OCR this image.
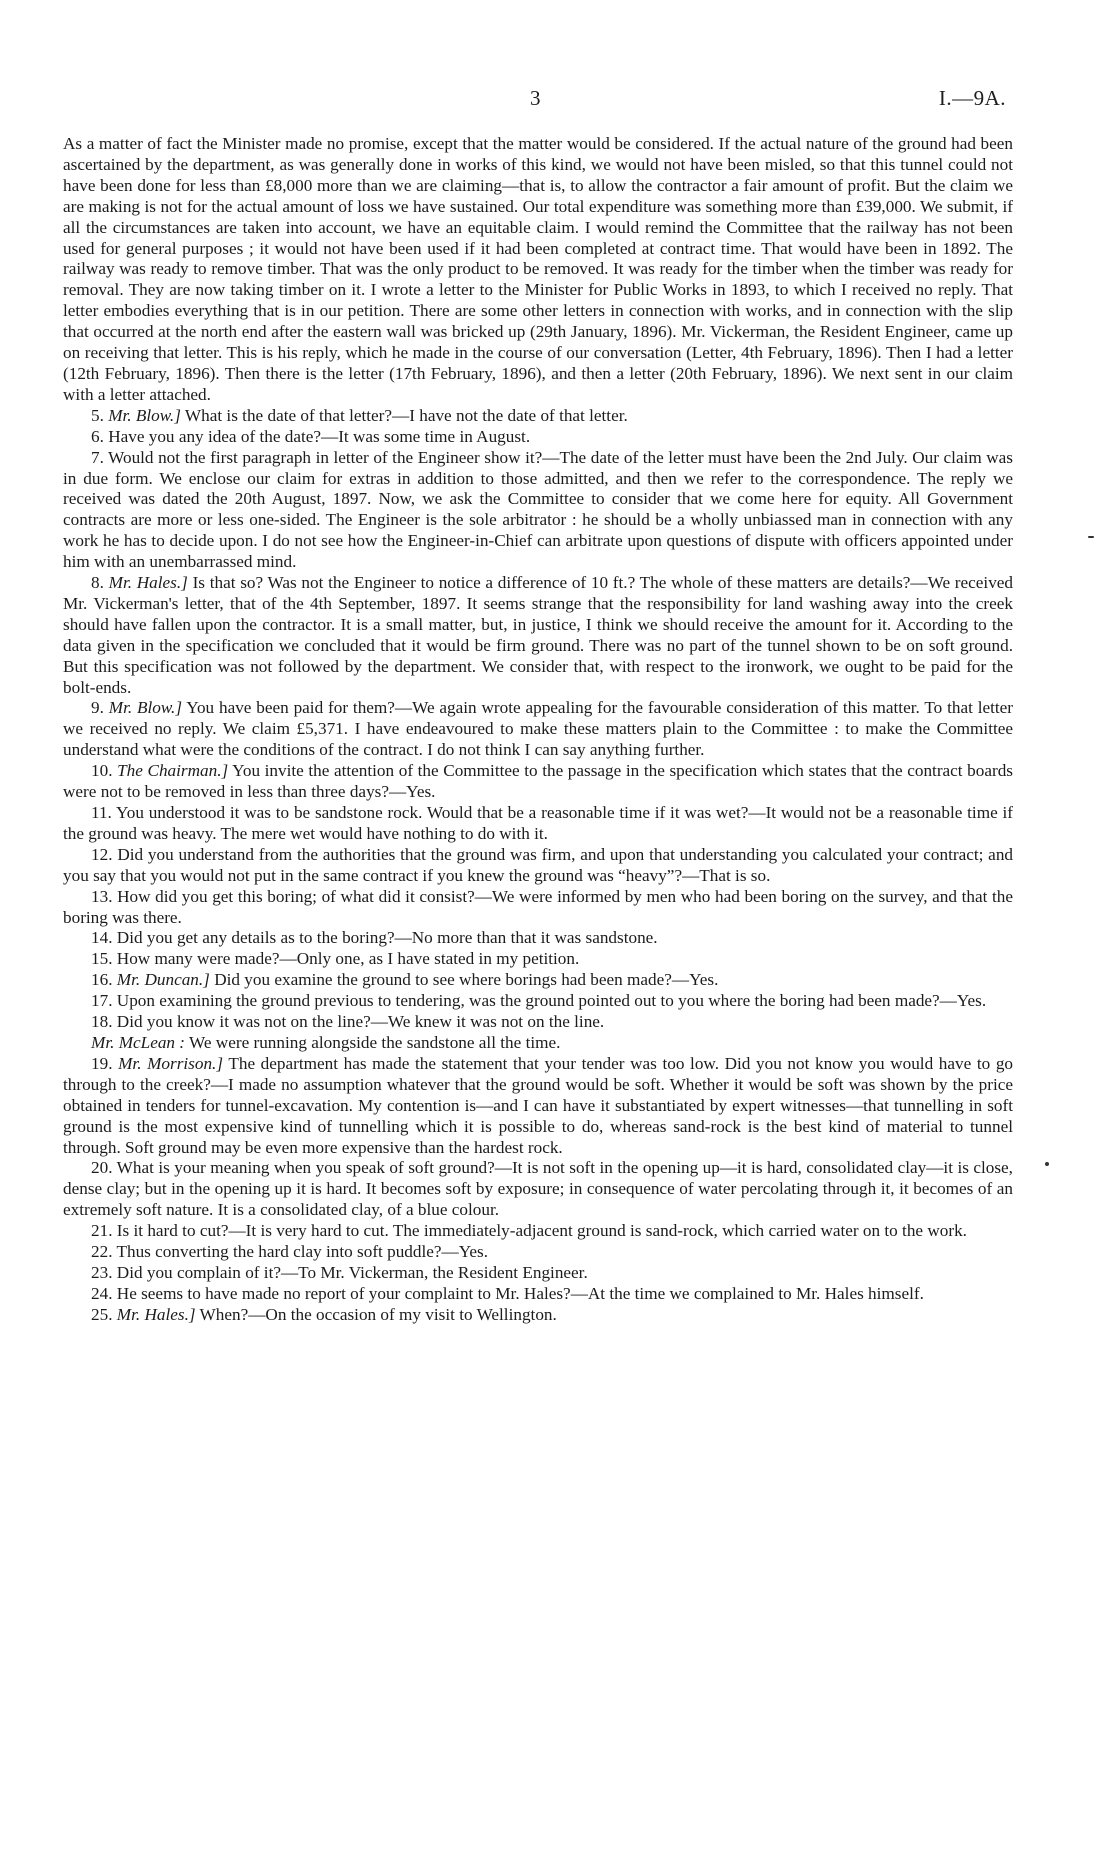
3	I.—9A.

As a matter of fact the Minister made no promise, except that the matter would be considered. If the actual nature of the ground had been ascertained by the department, as was generally done in works of this kind, we would not have been misled, so that this tunnel could not have been done for less than £8,000 more than we are claiming—that is, to allow the contractor a fair amount of profit. But the claim we are making is not for the actual amount of loss we have sustained. Our total expenditure was something more than £39,000. We submit, if all the circumstances are taken into account, we have an equitable claim. I would remind the Committee that the railway has not been used for general purposes ; it would not have been used if it had been completed at contract time. That would have been in 1892. The railway was ready to remove timber. That was the only product to be removed. It was ready for the timber when the timber was ready for removal. They are now taking timber on it. I wrote a letter to the Minister for Public Works in 1893, to which I received no reply. That letter embodies everything that is in our petition. There are some other letters in connection with works, and in connection with the slip that occurred at the north end after the eastern wall was bricked up (29th January, 1896). Mr. Vickerman, the Resident Engineer, came up on receiving that letter. This is his reply, which he made in the course of our conversation (Letter, 4th February, 1896). Then I had a letter (12th February, 1896). Then there is the letter (17th February, 1896), and then a letter (20th February, 1896). We next sent in our claim with a letter attached.

5. Mr. Blow.] What is the date of that letter?—I have not the date of that letter.

6. Have you any idea of the date?—It was some time in August.

7. Would not the first paragraph in letter of the Engineer show it?—The date of the letter must have been the 2nd July. Our claim was in due form. We enclose our claim for extras in addition to those admitted, and then we refer to the correspondence. The reply we received was dated the 20th August, 1897. Now, we ask the Committee to consider that we come here for equity. All Government contracts are more or less one-sided. The Engineer is the sole arbitrator : he should be a wholly unbiassed man in connection with any work he has to decide upon. I do not see how the Engineer-in-Chief can arbitrate upon questions of dispute with officers appointed under him with an unembarrassed mind.

8. Mr. Hales.] Is that so? Was not the Engineer to notice a difference of 10 ft.? The whole of these matters are details?—We received Mr. Vickerman's letter, that of the 4th September, 1897. It seems strange that the responsibility for land washing away into the creek should have fallen upon the contractor. It is a small matter, but, in justice, I think we should receive the amount for it. According to the data given in the specification we concluded that it would be firm ground. There was no part of the tunnel shown to be on soft ground. But this specification was not followed by the department. We consider that, with respect to the ironwork, we ought to be paid for the bolt-ends.

9. Mr. Blow.] You have been paid for them?—We again wrote appealing for the favourable consideration of this matter. To that letter we received no reply. We claim £5,371. I have endeavoured to make these matters plain to the Committee : to make the Committee understand what were the conditions of the contract. I do not think I can say anything further.

10. The Chairman.] You invite the attention of the Committee to the passage in the specification which states that the contract boards were not to be removed in less than three days?—Yes.

11. You understood it was to be sandstone rock. Would that be a reasonable time if it was wet?—It would not be a reasonable time if the ground was heavy. The mere wet would have nothing to do with it.

12. Did you understand from the authorities that the ground was firm, and upon that understanding you calculated your contract; and you say that you would not put in the same contract if you knew the ground was “heavy”?—That is so.

13. How did you get this boring; of what did it consist?—We were informed by men who had been boring on the survey, and that the boring was there.

14. Did you get any details as to the boring?—No more than that it was sandstone.

15. How many were made?—Only one, as I have stated in my petition.

16. Mr. Duncan.] Did you examine the ground to see where borings had been made?—Yes.

17. Upon examining the ground previous to tendering, was the ground pointed out to you where the boring had been made?—Yes.

18. Did you know it was not on the line?—We knew it was not on the line.

Mr. McLean : We were running alongside the sandstone all the time.

19. Mr. Morrison.] The department has made the statement that your tender was too low. Did you not know you would have to go through to the creek?—I made no assumption whatever that the ground would be soft. Whether it would be soft was shown by the price obtained in tenders for tunnel-excavation. My contention is—and I can have it substantiated by expert witnesses—that tunnelling in soft ground is the most expensive kind of tunnelling which it is possible to do, whereas sand-rock is the best kind of material to tunnel through. Soft ground may be even more expensive than the hardest rock.

20. What is your meaning when you speak of soft ground?—It is not soft in the opening up—it is hard, consolidated clay—it is close, dense clay; but in the opening up it is hard. It becomes soft by exposure; in consequence of water percolating through it, it becomes of an extremely soft nature. It is a consolidated clay, of a blue colour.

21. Is it hard to cut?—It is very hard to cut. The immediately-adjacent ground is sand-rock, which carried water on to the work.

22. Thus converting the hard clay into soft puddle?—Yes.

23. Did you complain of it?—To Mr. Vickerman, the Resident Engineer.

24. He seems to have made no report of your complaint to Mr. Hales?—At the time we complained to Mr. Hales himself.

25. Mr. Hales.] When?—On the occasion of my visit to Wellington.
